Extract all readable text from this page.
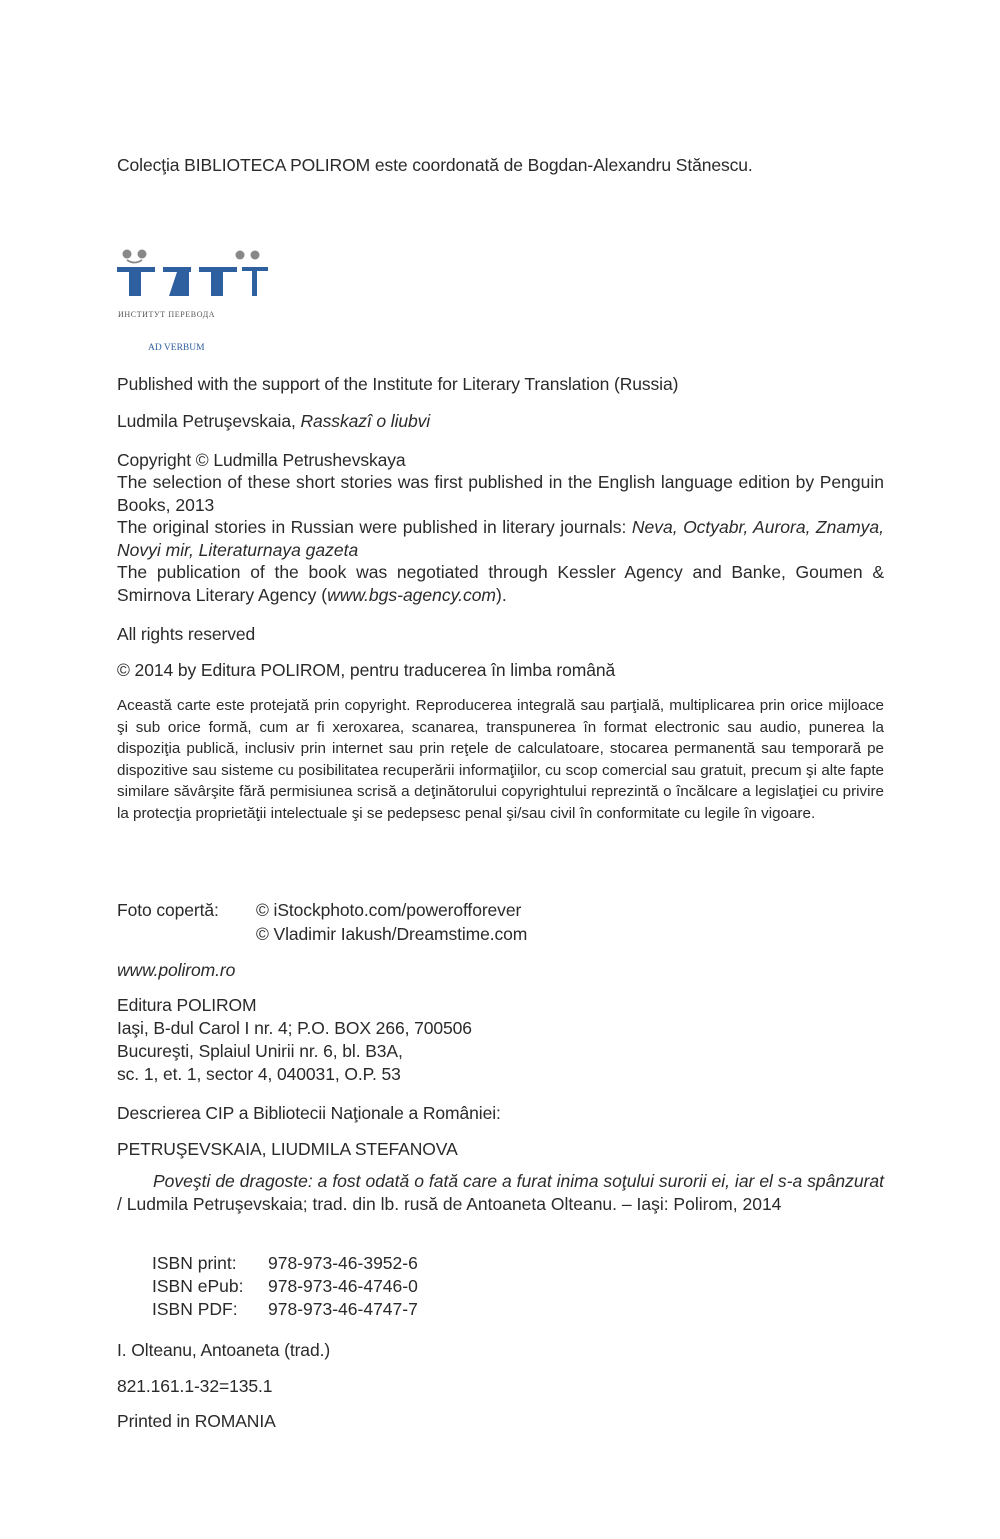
Colecţia BIBLIOTECA POLIROM este coordonată de Bogdan-Alexandru Stănescu.
ИНСТИТУТ ПЕРЕВОДА
AD VERBUM
Published with the support of the Institute for Literary Translation (Russia)
Ludmila Petruşevskaia, Rasskazî o liubvi
Copyright © Ludmilla Petrushevskaya
The selection of these short stories was first published in the English language edition by Penguin Books, 2013
The original stories in Russian were published in literary journals: Neva, Octyabr, Aurora, Znamya, Novyi mir, Literaturnaya gazeta
The publication of the book was negotiated through Kessler Agency and Banke, Goumen & Smirnova Literary Agency (www.bgs-agency.com).
All rights reserved
© 2014 by Editura POLIROM, pentru traducerea în limba română
Această carte este protejată prin copyright. Reproducerea integrală sau parţială, multiplicarea prin orice mijloace şi sub orice formă, cum ar fi xeroxarea, scanarea, transpunerea în format electronic sau audio, punerea la dispoziţia publică, inclusiv prin internet sau prin reţele de calculatoare, stocarea permanentă sau temporară pe dispozitive sau sisteme cu posibilitatea recuperării informaţiilor, cu scop comercial sau gratuit, precum şi alte fapte similare săvârşite fără permisiunea scrisă a deţinătorului copyrightului reprezintă o încălcare a legislaţiei cu privire la protecţia proprietăţii intelectuale şi se pedepsesc penal şi/sau civil în conformitate cu legile în vigoare.
Foto copertă: © iStockphoto.com/powerofforever
© Vladimir Iakush/Dreamstime.com
www.polirom.ro
Editura POLIROM
Iaşi, B-dul Carol I nr. 4; P.O. BOX 266, 700506
Bucureşti, Splaiul Unirii nr. 6, bl. B3A,
sc. 1, et. 1, sector 4, 040031, O.P. 53
Descrierea CIP a Bibliotecii Naţionale a României:
PETRUŞEVSKAIA, LIUDMILA STEFANOVA
Poveşti de dragoste: a fost odată o fată care a furat inima soţului surorii ei, iar el s-a spânzurat / Ludmila Petruşevskaia; trad. din lb. rusă de Antoaneta Olteanu. – Iaşi: Polirom, 2014
ISBN print: 978-973-46-3952-6
ISBN ePub: 978-973-46-4746-0
ISBN PDF: 978-973-46-4747-7
I. Olteanu, Antoaneta (trad.)
821.161.1-32=135.1
Printed in ROMANIA
